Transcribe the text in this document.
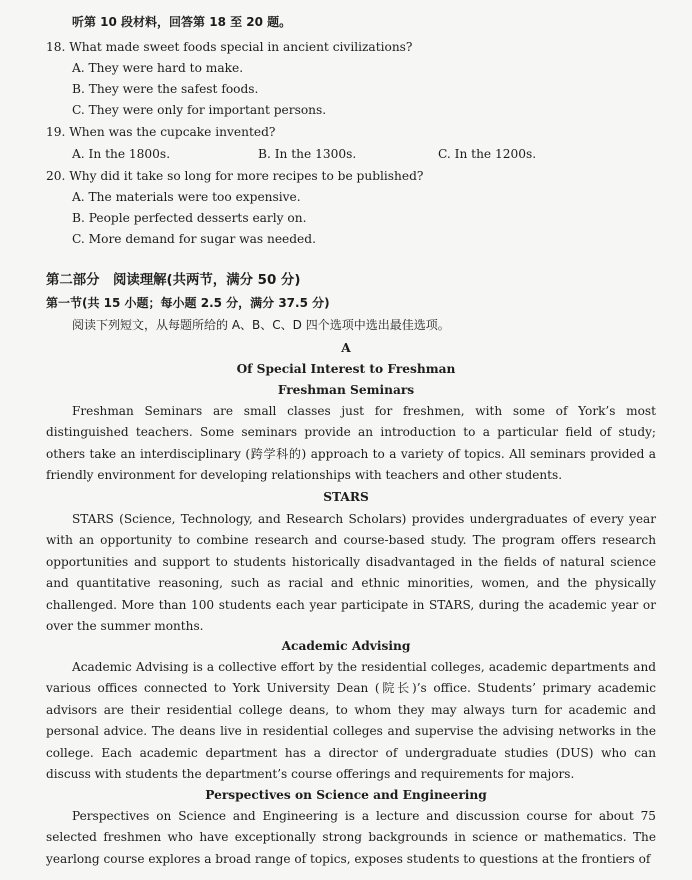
听第 10 段材料，回答第 18 至 20 题。
18. What made sweet foods special in ancient civilizations?
A. They were hard to make.
B. They were the safest foods.
C. They were only for important persons.
19. When was the cupcake invented?
A. In the 1800s.	B. In the 1300s.	C. In the 1200s.
20. Why did it take so long for more recipes to be published?
A. The materials were too expensive.
B. People perfected desserts early on.
C. More demand for sugar was needed.
第二部分　阅读理解(共两节，满分 50 分)
第一节(共 15 小题；每小题 2.5 分，满分 37.5 分)
阅读下列短文，从每题所给的 A、B、C、D 四个选项中选出最佳选项。
A
Of Special Interest to Freshman
Freshman Seminars

Freshman Seminars are small classes just for freshmen, with some of York’s most distinguished teachers. Some seminars provide an introduction to a particular field of study; others take an interdisciplinary (跨学科的) approach to a variety of topics. All seminars provided a friendly environment for developing relationships with teachers and other students.

STARS

STARS (Science, Technology, and Research Scholars) provides undergraduates of every year with an opportunity to combine research and course-based study. The program offers research opportunities and support to students historically disadvantaged in the fields of natural science and quantitative reasoning, such as racial and ethnic minorities, women, and the physically challenged. More than 100 students each year participate in STARS, during the academic year or over the summer months.

Academic Advising

Academic Advising is a collective effort by the residential colleges, academic departments and various offices connected to York University Dean (院长)’s office. Students’ primary academic advisors are their residential college deans, to whom they may always turn for academic and personal advice. The deans live in residential colleges and supervise the advising networks in the college. Each academic department has a director of undergraduate studies (DUS) who can discuss with students the department’s course offerings and requirements for majors.

Perspectives on Science and Engineering

Perspectives on Science and Engineering is a lecture and discussion course for about 75 selected freshmen who have exceptionally strong backgrounds in science or mathematics. The yearlong course explores a broad range of topics, exposes students to questions at the frontiers of
